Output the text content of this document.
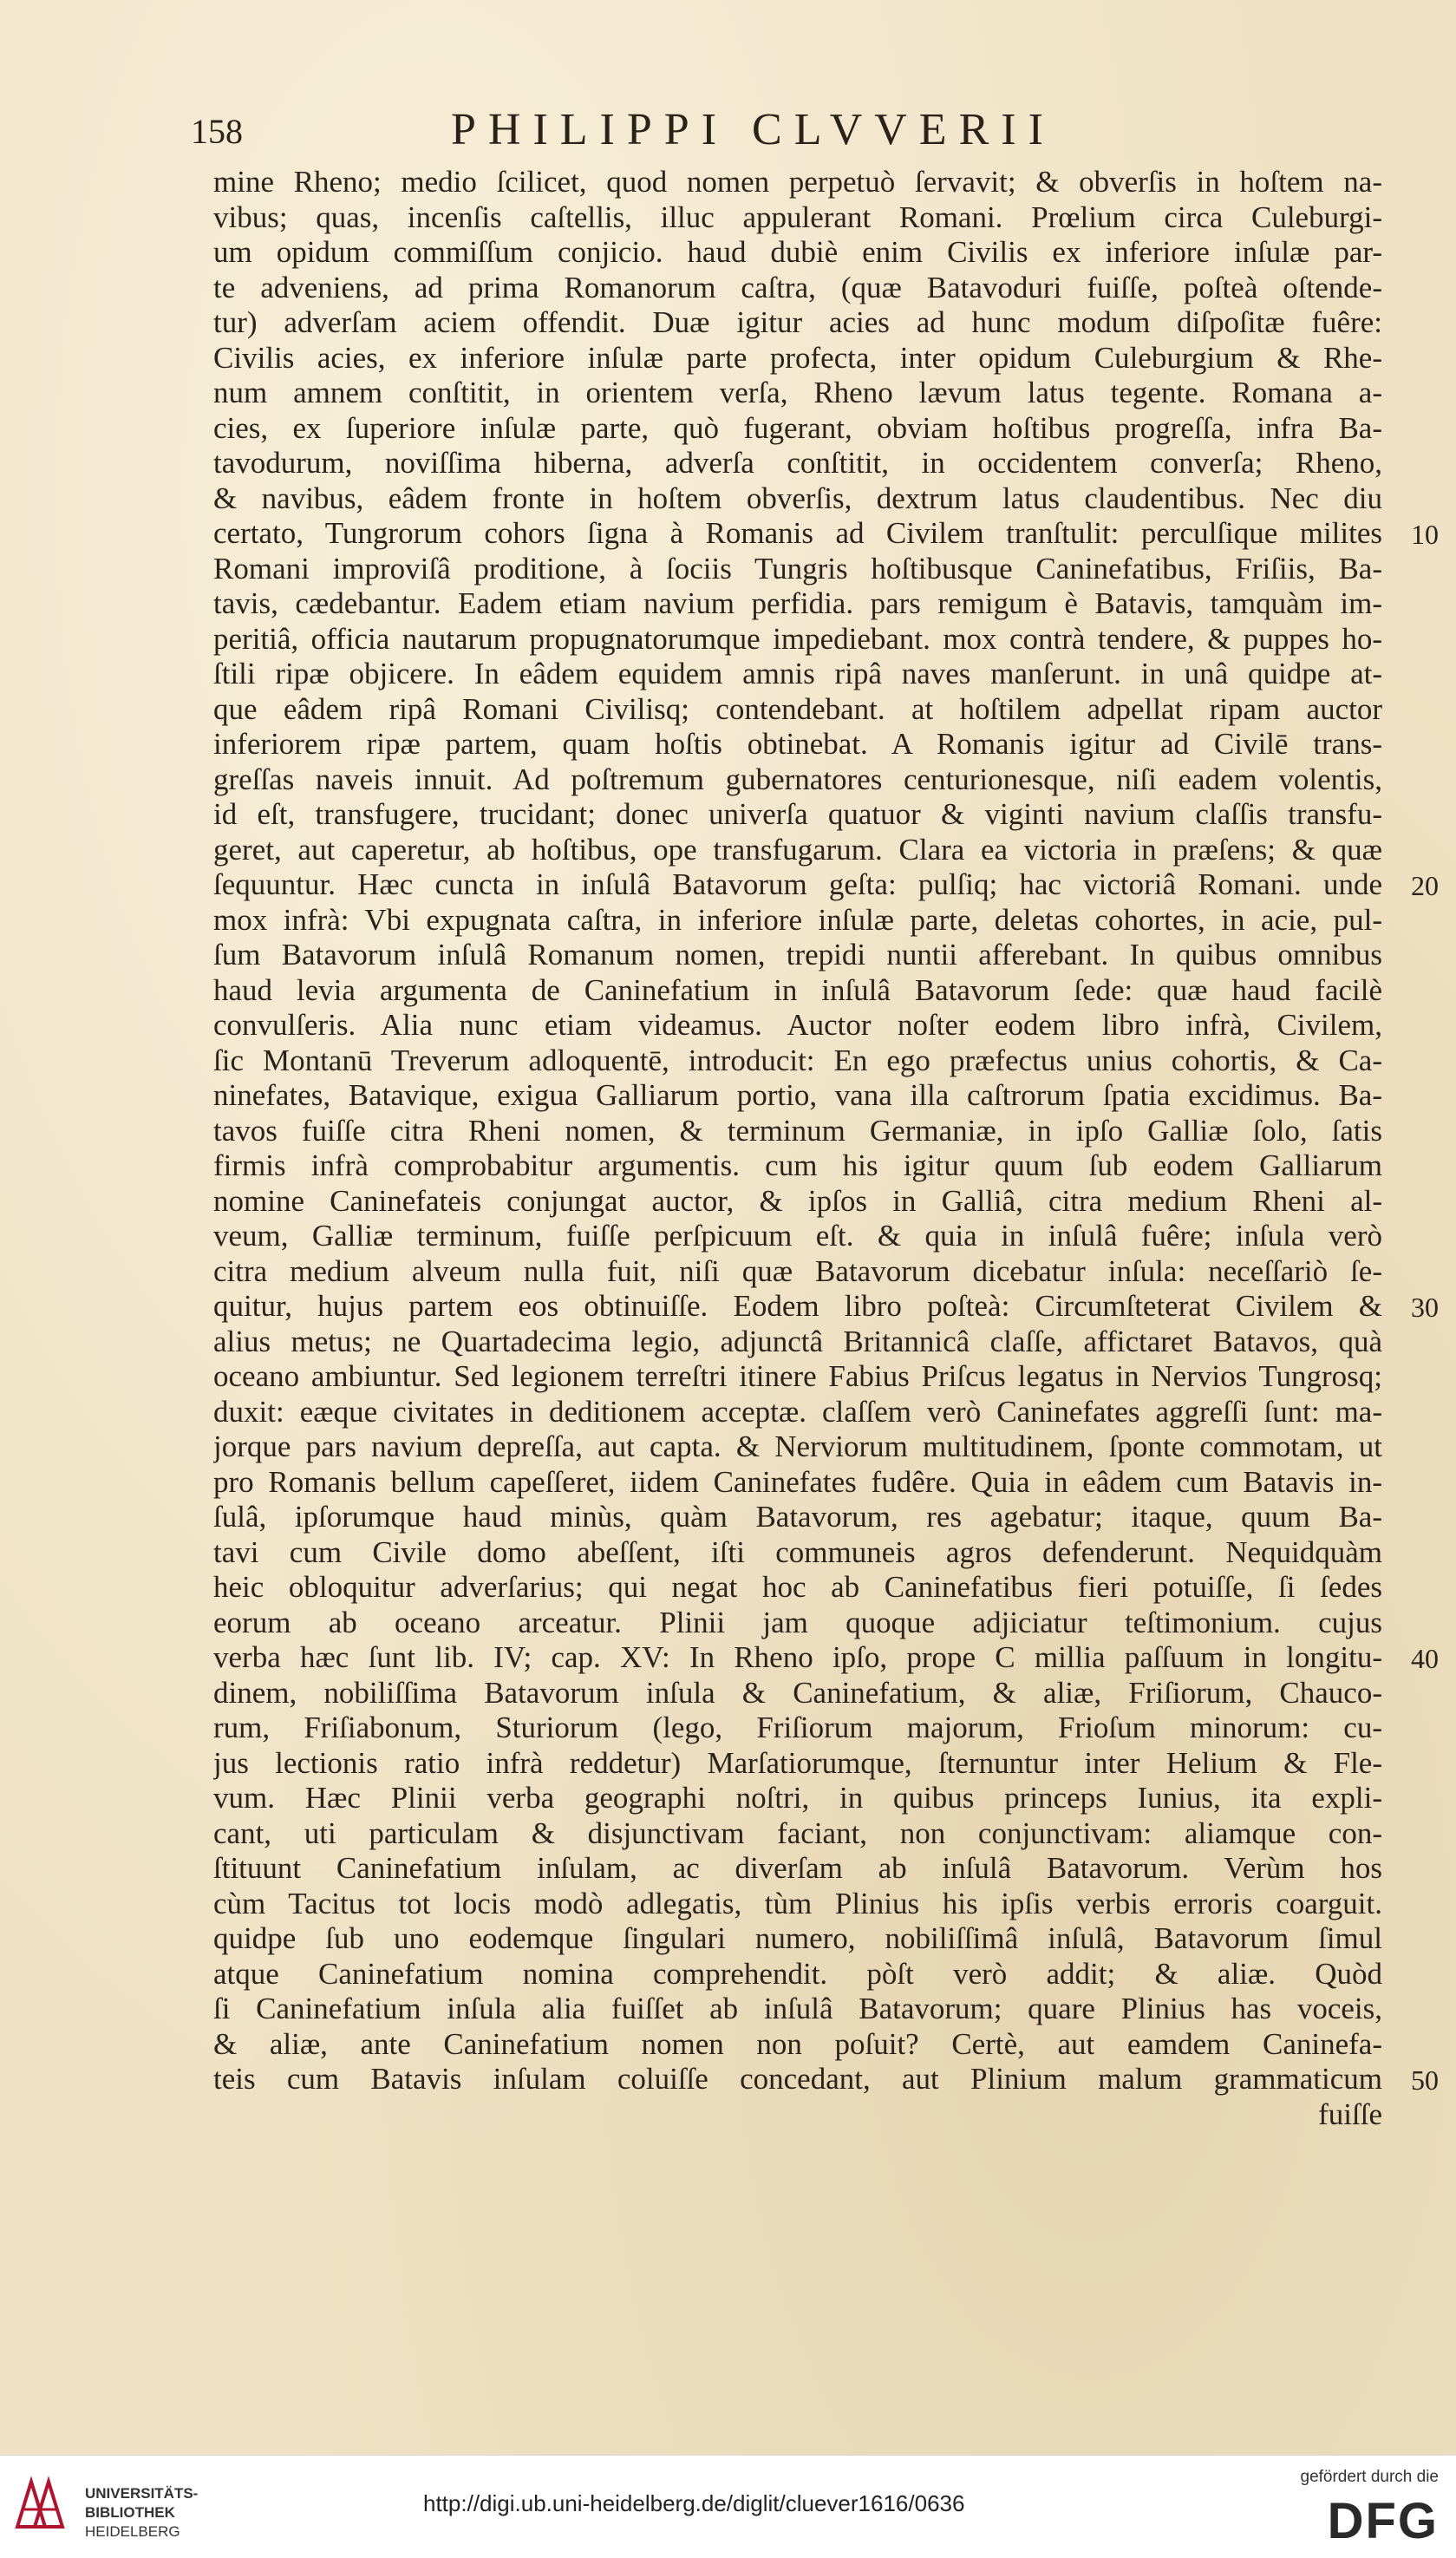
158	PHILIPPI CLVVERII
mine Rheno; medio ſcilicet, quod nomen perpetuò ſervavit; & obverſis in hoſtem na-
vibus; quas, incenſis caſtellis, illuc appulerant Romani. Prœlium circa Culeburgi-
um opidum commiſſum conjicio. haud dubiè enim Civilis ex inferiore inſulæ par-
te adveniens, ad prima Romanorum caſtra, (quæ Batavoduri fuiſſe, poſteà oſtende-
tur) adverſam aciem offendit. Duæ igitur acies ad hunc modum diſpoſitæ fuêre:
Civilis acies, ex inferiore inſulæ parte profecta, inter opidum Culeburgium & Rhe-
num amnem conſtitit, in orientem verſa, Rheno lævum latus tegente. Romana a-
cies, ex ſuperiore inſulæ parte, quò fugerant, obviam hoſtibus progreſſa, infra Ba-
tavodurum, noviſſima hiberna, adverſa conſtitit, in occidentem converſa; Rheno,
& navibus, eâdem fronte in hoſtem obverſis, dextrum latus claudentibus. Nec diu
certato, Tungrorum cohors ſigna à Romanis ad Civilem tranſtulit: perculſique milites
Romani improviſâ proditione, à ſociis Tungris hoſtibusque Caninefatibus, Friſiis, Ba-
tavis, cædebantur. Eadem etiam navium perfidia. pars remigum è Batavis, tamquàm im-
peritiâ, officia nautarum propugnatorumque impediebant. mox contrà tendere, & puppes ho-
ſtili ripæ objicere. In eâdem equidem amnis ripâ naves manſerunt. in unâ quidpe at-
que eâdem ripâ Romani Civilisq; contendebant. at hoſtilem adpellat ripam auctor
inferiorem ripæ partem, quam hoſtis obtinebat. A Romanis igitur ad Civilē trans-
greſſas naveis innuit. Ad poſtremum gubernatores centurionesque, niſi eadem volentis,
id eſt, transfugere, trucidant; donec univerſa quatuor & viginti navium claſſis transfu-
geret, aut caperetur, ab hoſtibus, ope transfugarum. Clara ea victoria in præſens; & quæ
ſequuntur. Hæc cuncta in inſulâ Batavorum geſta: pulſiq; hac victoriâ Romani. unde
mox infrà: Vbi expugnata caſtra, in inferiore inſulæ parte, deletas cohortes, in acie, pul-
ſum Batavorum inſulâ Romanum nomen, trepidi nuntii afferebant. In quibus omnibus
haud levia argumenta de Caninefatium in inſulâ Batavorum ſede: quæ haud facilè
convulſeris. Alia nunc etiam videamus. Auctor noſter eodem libro infrà, Civilem,
ſic Montanū Treverum adloquentē, introducit: En ego præfectus unius cohortis, & Ca-
ninefates, Batavique, exigua Galliarum portio, vana illa caſtrorum ſpatia excidimus. Ba-
tavos fuiſſe citra Rheni nomen, & terminum Germaniæ, in ipſo Galliæ ſolo, ſatis
firmis infrà comprobabitur argumentis. cum his igitur quum ſub eodem Galliarum
nomine Caninefateis conjungat auctor, & ipſos in Galliâ, citra medium Rheni al-
veum, Galliæ terminum, fuiſſe perſpicuum eſt. & quia in inſulâ fuêre; inſula verò
citra medium alveum nulla fuit, niſi quæ Batavorum dicebatur inſula: neceſſariò ſe-
quitur, hujus partem eos obtinuiſſe. Eodem libro poſteà: Circumſteterat Civilem &
alius metus; ne Quartadecima legio, adjunctâ Britannicâ claſſe, affictaret Batavos, quà
oceano ambiuntur. Sed legionem terreſtri itinere Fabius Priſcus legatus in Nervios Tungrosq;
duxit: eæque civitates in deditionem acceptæ. claſſem verò Caninefates aggreſſi ſunt: ma-
jorque pars navium depreſſa, aut capta. & Nerviorum multitudinem, ſponte commotam, ut
pro Romanis bellum capeſſeret, iidem Caninefates fudêre. Quia in eâdem cum Batavis in-
ſulâ, ipſorumque haud minùs, quàm Batavorum, res agebatur; itaque, quum Ba-
tavi cum Civile domo abeſſent, iſti communeis agros defenderunt. Nequidquàm
heic obloquitur adverſarius; qui negat hoc ab Caninefatibus fieri potuiſſe, ſi ſedes
eorum ab oceano arceatur. Plinii jam quoque adjiciatur teſtimonium. cujus
verba hæc ſunt lib. IV; cap. XV: In Rheno ipſo, prope C millia paſſuum in longitu-
dinem, nobiliſſima Batavorum inſula & Caninefatium, & aliæ, Friſiorum, Chauco-
rum, Friſiabonum, Sturiorum (lego, Friſiorum majorum, Frioſum minorum: cu-
jus lectionis ratio infrà reddetur) Marſatiorumque, ſternuntur inter Helium & Fle-
vum. Hæc Plinii verba geographi noſtri, in quibus princeps Iunius, ita expli-
cant, uti particulam & disjunctivam faciant, non conjunctivam: aliamque con-
ſtituunt Caninefatium inſulam, ac diverſam ab inſulâ Batavorum. Verùm hos
cùm Tacitus tot locis modò adlegatis, tùm Plinius his ipſis verbis erroris coarguit.
quidpe ſub uno eodemque ſingulari numero, nobiliſſimâ inſulâ, Batavorum ſimul
atque Caninefatium nomina comprehendit. pòſt verò addit; & aliæ. Quòd
ſi Caninefatium inſula alia fuiſſet ab inſulâ Batavorum; quare Plinius has voceis,
& aliæ, ante Caninefatium nomen non poſuit? Certè, aut eamdem Caninefa-
teis cum Batavis inſulam coluiſſe concedant, aut Plinium malum grammaticum
fuiſſe
10
20
30
40
50
UNIVERSITÄTS-
BIBLIOTHEK
HEIDELBERG
http://digi.ub.uni-heidelberg.de/diglit/cluever1616/0636
gefördert durch die
DFG
